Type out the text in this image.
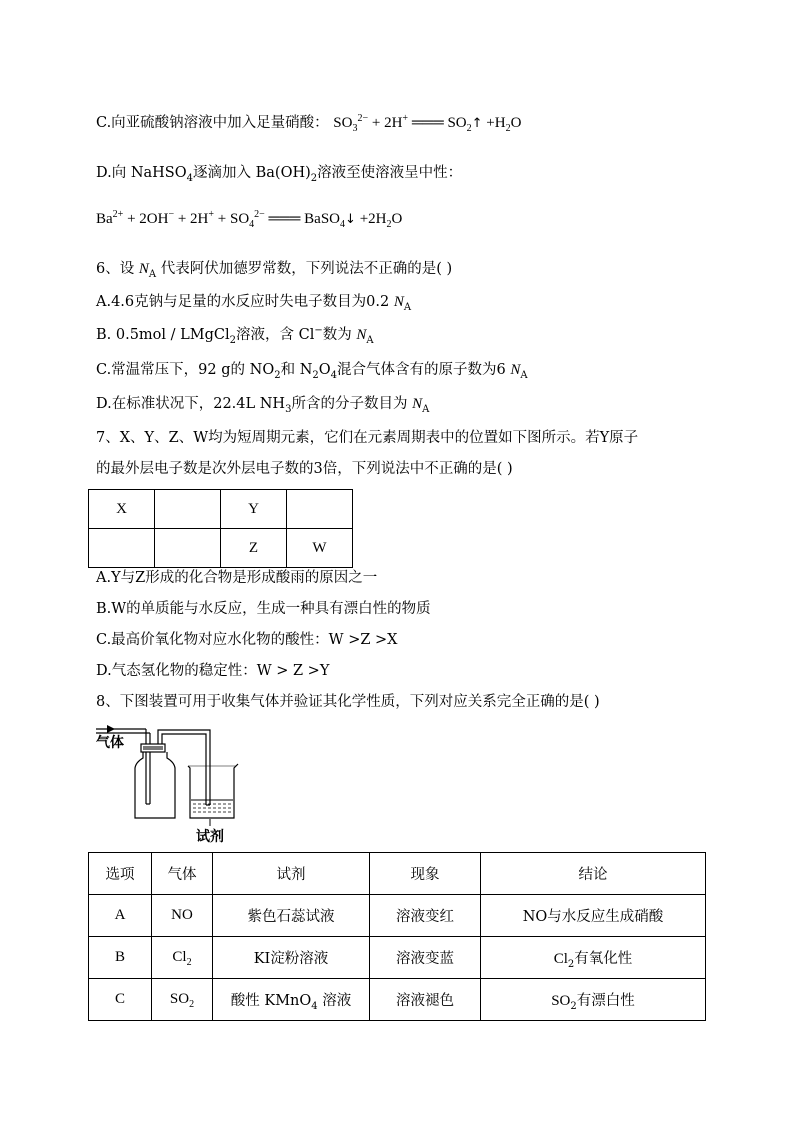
C.向亚硫酸钠溶液中加入足量硝酸： $SO_3^{2-} + 2H^+$ ═══ $SO_2↑ +H_2O$
D.向 NaHSO$_4$逐滴加入 $Ba(OH)_2$溶液至使溶液呈中性：
$Ba^{2+} + 2OH^- + 2H^+ + SO_4^{2-}$ ═══ BaSO$_4$↓ $+2H_2O$
6、设 $N_A$ 代表阿伏加德罗常数，下列说法不正确的是( )
A.4.6克钠与足量的水反应时失电子数目为0.2 $N_A$
B. 0.5mol / LMgCl$_2$溶液，含 Cl−数为 $N_A$
C.常温常压下，92 g的 $NO_2$和 $N_2O_4$混合气体含有的原子数为6 $N_A$
D.在标准状况下，22.4L $NH_3$所含的分子数目为 $N_A$
7、X、Y、Z、W均为短周期元素，它们在元素周期表中的位置如下图所示。若Y原子
的最外层电子数是次外层电子数的3倍，下列说法中不正确的是( )
X		Y	
		Z	W
A.Y与Z形成的化合物是形成酸雨的原因之一
B.W的单质能与水反应，生成一种具有漂白性的物质
C.最高价氧化物对应水化物的酸性：W >Z >X
D.气态氢化物的稳定性：W > Z >Y
8、下图装置可用于收集气体并验证其化学性质，下列对应关系完全正确的是( )
气体
试剂
选项	气体	试剂	现象	结论
A	NO	紫色石蕊试液	溶液变红	NO与水反应生成硝酸
B	$Cl_2$	KI淀粉溶液	溶液变蓝	$Cl_2$有氧化性
C	$SO_2$	酸性 KMnO$_4$ 溶液	溶液褪色	$SO_2$有漂白性
